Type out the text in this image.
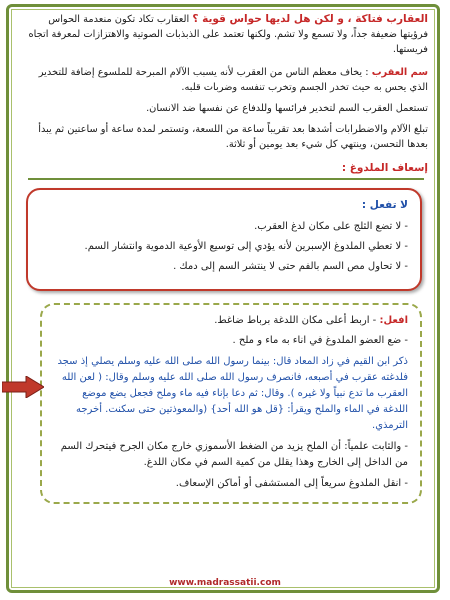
العقارب فتاكة ، و لكن هل لديها حواس قوية ؟ العقارب تكاد تكون منعدمة الحواس فرؤيتها ضعيفة جداً، ولا تسمع ولا تشم. ولكنها تعتمد على الذبذبات الصوتية والاهتزازات لمعرفة اتجاه فريستها.

سم العقرب : يخاف معظم الناس من العقرب لأنه يسبب الآلام المبرحة للملسوع إضافة للتخدير الذي يحس به حيث تخدر الجسم وتخرب تنفسه وضربات قلبه.

تستعمل العقرب السم لتخدير فرائسها وللدفاع عن نفسها ضد الانسان.

تبلغ الآلام والاضطرابات أشدها بعد تقريباً ساعة من اللسعة، وتستمر لمدة ساعة أو ساعتين ثم يبدأ بعدها التحسن، وينتهي كل شيء بعد يومين أو ثلاثة.

إسعاف الملدوغ :
لا تفعل :

- لا تضع الثلج على مكان لدغ العقرب.

- لا تعطي الملدوغ الإسبرين لأنه يؤدي إلى توسيع الأوعية الدموية وانتشار السم.

- لا تحاول مص السم بالفم حتى لا ينتشر السم إلى دمك .

افعل: - اربط أعلى مكان اللدغة برباط ضاغط.

- ضع العضو الملدوغ في اناء به ماء و ملح .

ذكر ابن القيم في زاد المعاد قال: بينما رسول الله صلى الله عليه وسلم يصلي إذ سجد فلدغته عقرب في أصبعه، فانصرف رسول الله صلى الله عليه وسلم وقال: ( لعن الله العقرب ما تدع نبياً ولا غيره ). وقال: ثم دعا بإناء فيه ماء وملح فجعل يضع موضع اللدغة في الماء والملح ويقرأ: {قل هو الله أحد} (والمعوذتين حتى سكنت. أخرجه الترمذي.

- والثابت علمياً: أن الملح يزيد من الضغط الأسموزي خارج مكان الجرح فيتحرك السم من الداخل إلى الخارج وهذا يقلل من كمية السم في مكان اللدغ.

- انقل الملدوغ سريعاً إلى المستشفى أو أماكن الإسعاف.

www.madrassatii.com
